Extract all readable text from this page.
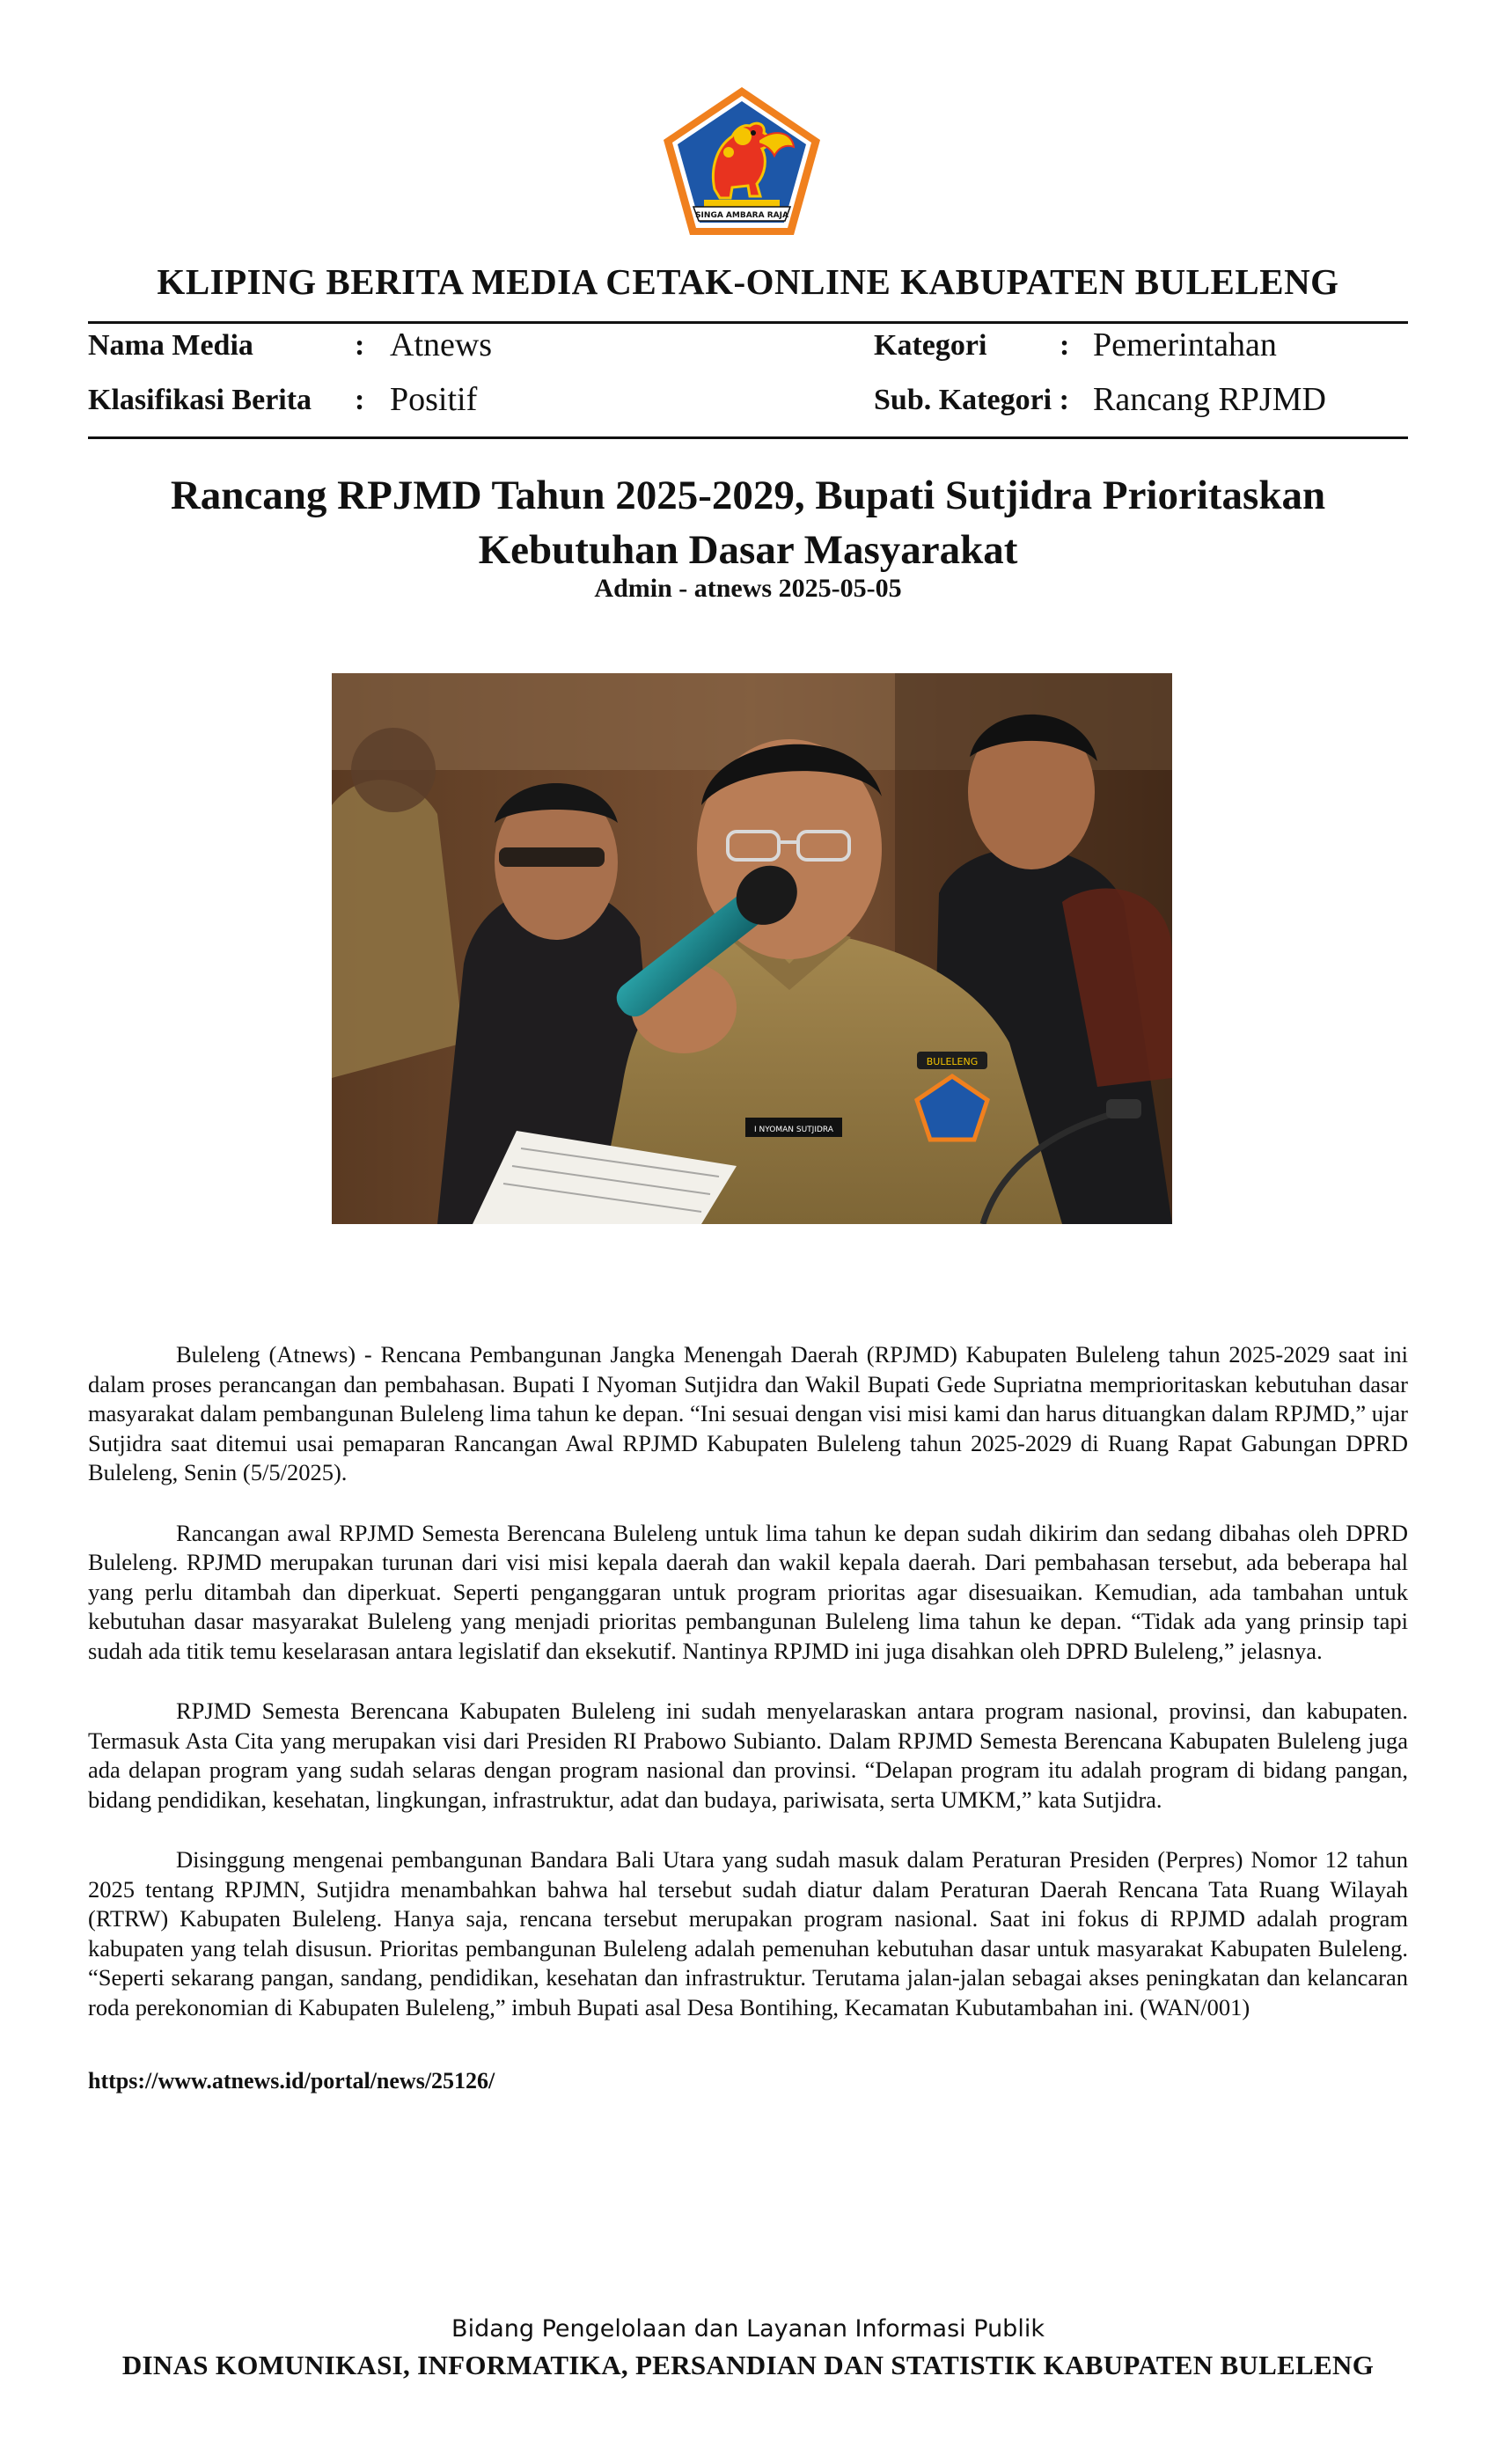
SINGA AMBARA RAJA
KLIPING BERITA MEDIA CETAK-ONLINE KABUPATEN BULELENG
Nama Media	: Atnews	Kategori : Pemerintahan
Klasifikasi Berita : Positif	Sub. Kategori : Rancang RPJMD
Rancang RPJMD Tahun 2025-2029, Bupati Sutjidra Prioritaskan
Kebutuhan Dasar Masyarakat
Admin - atnews 2025-05-05
I NYOMAN SUTJIDRA
BULELENG

Buleleng (Atnews) - Rencana Pembangunan Jangka Menengah Daerah (RPJMD) Kabupaten Buleleng tahun 2025-2029 saat ini dalam proses perancangan dan pembahasan. Bupati I Nyoman Sutjidra dan Wakil Bupati Gede Supriatna memprioritaskan kebutuhan dasar masyarakat dalam pembangunan Buleleng lima tahun ke depan. “Ini sesuai dengan visi misi kami dan harus dituangkan dalam RPJMD,” ujar Sutjidra saat ditemui usai pemaparan Rancangan Awal RPJMD Kabupaten Buleleng tahun 2025-2029 di Ruang Rapat Gabungan DPRD Buleleng, Senin (5/5/2025).

Rancangan awal RPJMD Semesta Berencana Buleleng untuk lima tahun ke depan sudah dikirim dan sedang dibahas oleh DPRD Buleleng. RPJMD merupakan turunan dari visi misi kepala daerah dan wakil kepala daerah. Dari pembahasan tersebut, ada beberapa hal yang perlu ditambah dan diperkuat. Seperti penganggaran untuk program prioritas agar disesuaikan. Kemudian, ada tambahan untuk kebutuhan dasar masyarakat Buleleng yang menjadi prioritas pembangunan Buleleng lima tahun ke depan. “Tidak ada yang prinsip tapi sudah ada titik temu keselarasan antara legislatif dan eksekutif. Nantinya RPJMD ini juga disahkan oleh DPRD Buleleng,” jelasnya.

RPJMD Semesta Berencana Kabupaten Buleleng ini sudah menyelaraskan antara program nasional, provinsi, dan kabupaten. Termasuk Asta Cita yang merupakan visi dari Presiden RI Prabowo Subianto. Dalam RPJMD Semesta Berencana Kabupaten Buleleng juga ada delapan program yang sudah selaras dengan program nasional dan provinsi. “Delapan program itu adalah program di bidang pangan, bidang pendidikan, kesehatan, lingkungan, infrastruktur, adat dan budaya, pariwisata, serta UMKM,” kata Sutjidra.

Disinggung mengenai pembangunan Bandara Bali Utara yang sudah masuk dalam Peraturan Presiden (Perpres) Nomor 12 tahun 2025 tentang RPJMN, Sutjidra menambahkan bahwa hal tersebut sudah diatur dalam Peraturan Daerah Rencana Tata Ruang Wilayah (RTRW) Kabupaten Buleleng. Hanya saja, rencana tersebut merupakan program nasional. Saat ini fokus di RPJMD adalah program kabupaten yang telah disusun. Prioritas pembangunan Buleleng adalah pemenuhan kebutuhan dasar untuk masyarakat Kabupaten Buleleng. “Seperti sekarang pangan, sandang, pendidikan, kesehatan dan infrastruktur. Terutama jalan-jalan sebagai akses peningkatan dan kelancaran roda perekonomian di Kabupaten Buleleng,” imbuh Bupati asal Desa Bontihing, Kecamatan Kubutambahan ini. (WAN/001)

https://www.atnews.id/portal/news/25126/
Bidang Pengelolaan dan Layanan Informasi Publik
DINAS KOMUNIKASI, INFORMATIKA, PERSANDIAN DAN STATISTIK KABUPATEN BULELENG
